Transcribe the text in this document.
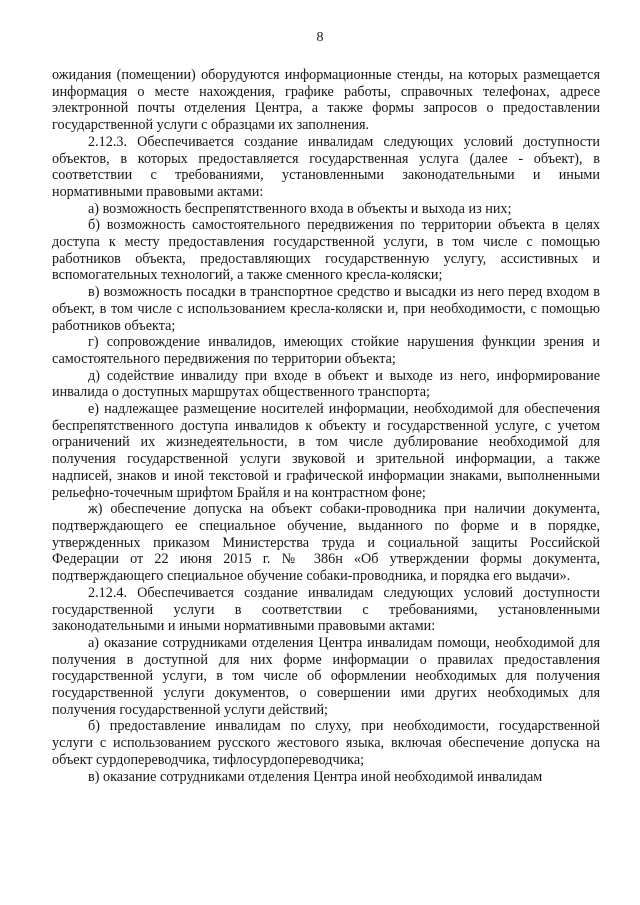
8

ожидания (помещении) оборудуются информационные стенды, на которых размещается информация о месте нахождения, графике работы, справочных телефонах, адресе электронной почты отделения Центра, а также формы запросов о предоставлении государственной услуги с образцами их заполнения.

2.12.3. Обеспечивается создание инвалидам следующих условий доступности объектов, в которых предоставляется государственная услуга (далее - объект), в соответствии с требованиями, установленными законодательными и иными нормативными правовыми актами:

а) возможность беспрепятственного входа в объекты и выхода из них;

б) возможность самостоятельного передвижения по территории объекта в целях доступа к месту предоставления государственной услуги, в том числе с помощью работников объекта, предоставляющих государственную услугу, ассистивных и вспомогательных технологий, а также сменного кресла-коляски;

в) возможность посадки в транспортное средство и высадки из него перед входом в объект, в том числе с использованием кресла-коляски и, при необходимости, с помощью работников объекта;

г) сопровождение инвалидов, имеющих стойкие нарушения функции зрения и самостоятельного передвижения по территории объекта;

д) содействие инвалиду при входе в объект и выходе из него, информирование инвалида о доступных маршрутах общественного транспорта;

е) надлежащее размещение носителей информации, необходимой для обеспечения беспрепятственного доступа инвалидов к объекту и государственной услуге, с учетом ограничений их жизнедеятельности, в том числе дублирование необходимой для получения государственной услуги звуковой и зрительной информации, а также надписей, знаков и иной текстовой и графической информации знаками, выполненными рельефно-точечным шрифтом Брайля и на контрастном фоне;

ж) обеспечение допуска на объект собаки-проводника при наличии документа, подтверждающего ее специальное обучение, выданного по форме и в порядке, утвержденных приказом Министерства труда и социальной защиты Российской Федерации от 22 июня 2015 г. № 386н «Об утверждении формы документа, подтверждающего специальное обучение собаки-проводника, и порядка его выдачи».

2.12.4. Обеспечивается создание инвалидам следующих условий доступности государственной услуги в соответствии с требованиями, установленными законодательными и иными нормативными правовыми актами:

а) оказание сотрудниками отделения Центра инвалидам помощи, необходимой для получения в доступной для них форме информации о правилах предоставления государственной услуги, в том числе об оформлении необходимых для получения государственной услуги документов, о совершении ими других необходимых для получения государственной услуги действий;

б) предоставление инвалидам по слуху, при необходимости, государственной услуги с использованием русского жестового языка, включая обеспечение допуска на объект сурдопереводчика, тифлосурдопереводчика;

в) оказание сотрудниками отделения Центра иной необходимой инвалидам
